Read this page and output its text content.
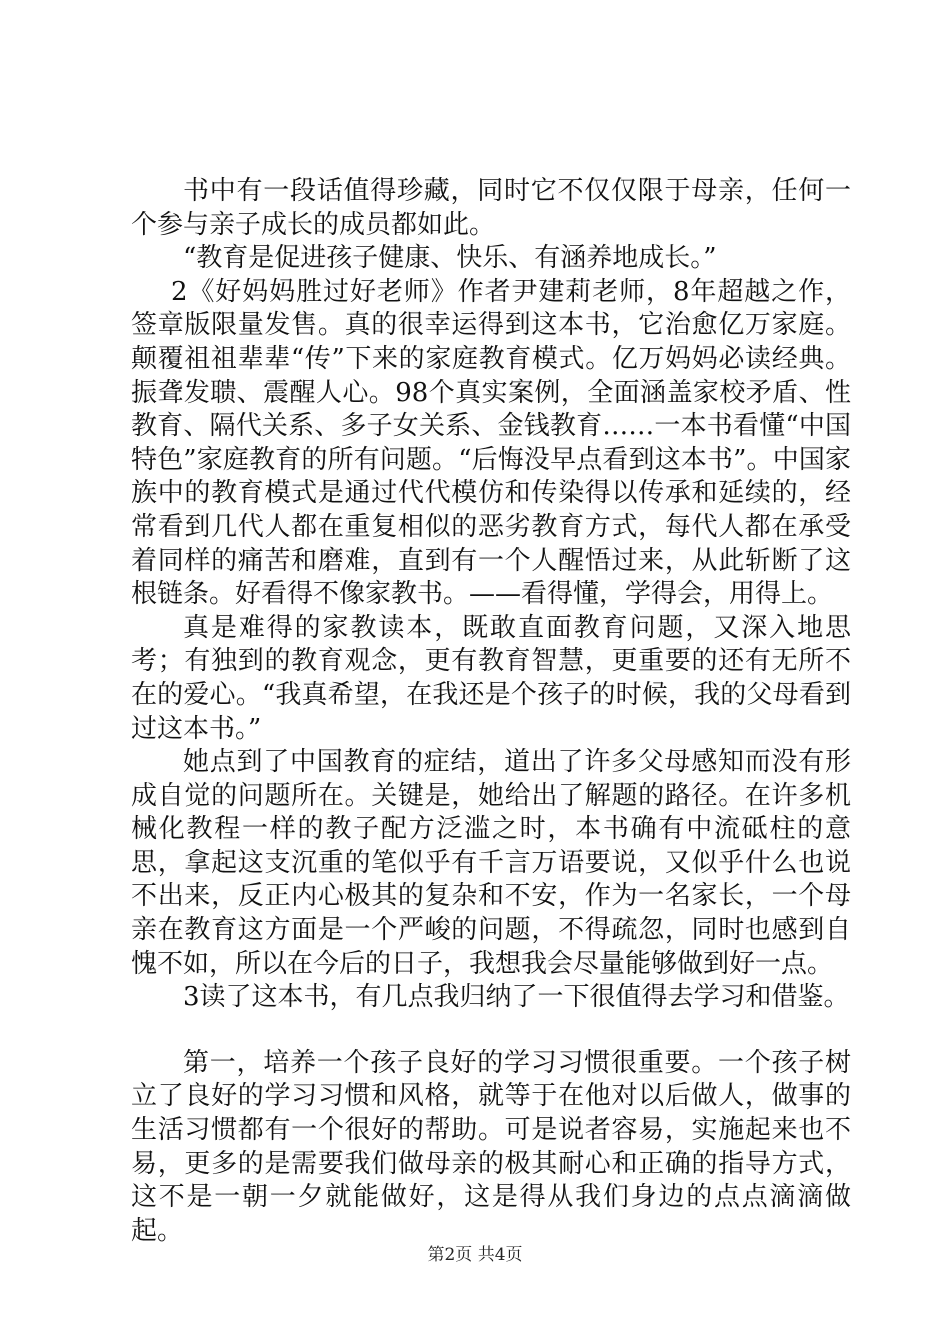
书中有一段话值得珍藏，同时它不仅仅限于母亲，任何一个参与亲子成长的成员都如此。

“教育是促进孩子健康、快乐、有涵养地成长。”

2《好妈妈胜过好老师》作者尹建莉老师，8年超越之作，签章版限量发售。真的很幸运得到这本书，它治愈亿万家庭。颠覆祖祖辈辈“传”下来的家庭教育模式。亿万妈妈必读经典。振聋发聩、震醒人心。98个真实案例，全面涵盖家校矛盾、性教育、隔代关系、多子女关系、金钱教育……一本书看懂“中国特色”家庭教育的所有问题。“后悔没早点看到这本书”。中国家族中的教育模式是通过代代模仿和传染得以传承和延续的，经常看到几代人都在重复相似的恶劣教育方式，每代人都在承受着同样的痛苦和磨难，直到有一个人醒悟过来，从此斩断了这根链条。好看得不像家教书。——看得懂，学得会，用得上。

真是难得的家教读本，既敢直面教育问题，又深入地思考；有独到的教育观念，更有教育智慧，更重要的还有无所不在的爱心。“我真希望，在我还是个孩子的时候，我的父母看到过这本书。”

她点到了中国教育的症结，道出了许多父母感知而没有形成自觉的问题所在。关键是，她给出了解题的路径。在许多机械化教程一样的教子配方泛滥之时，本书确有中流砥柱的意思，拿起这支沉重的笔似乎有千言万语要说，又似乎什么也说不出来，反正内心极其的复杂和不安，作为一名家长，一个母亲在教育这方面是一个严峻的问题，不得疏忽，同时也感到自愧不如，所以在今后的日子，我想我会尽量能够做到好一点。

3读了这本书，有几点我归纳了一下很值得去学习和借鉴。

第一，培养一个孩子良好的学习习惯很重要。一个孩子树立了良好的学习习惯和风格，就等于在他对以后做人，做事的生活习惯都有一个很好的帮助。可是说者容易，实施起来也不易，更多的是需要我们做母亲的极其耐心和正确的指导方式，这不是一朝一夕就能做好，这是得从我们身边的点点滴滴做起。

第2页 共4页
